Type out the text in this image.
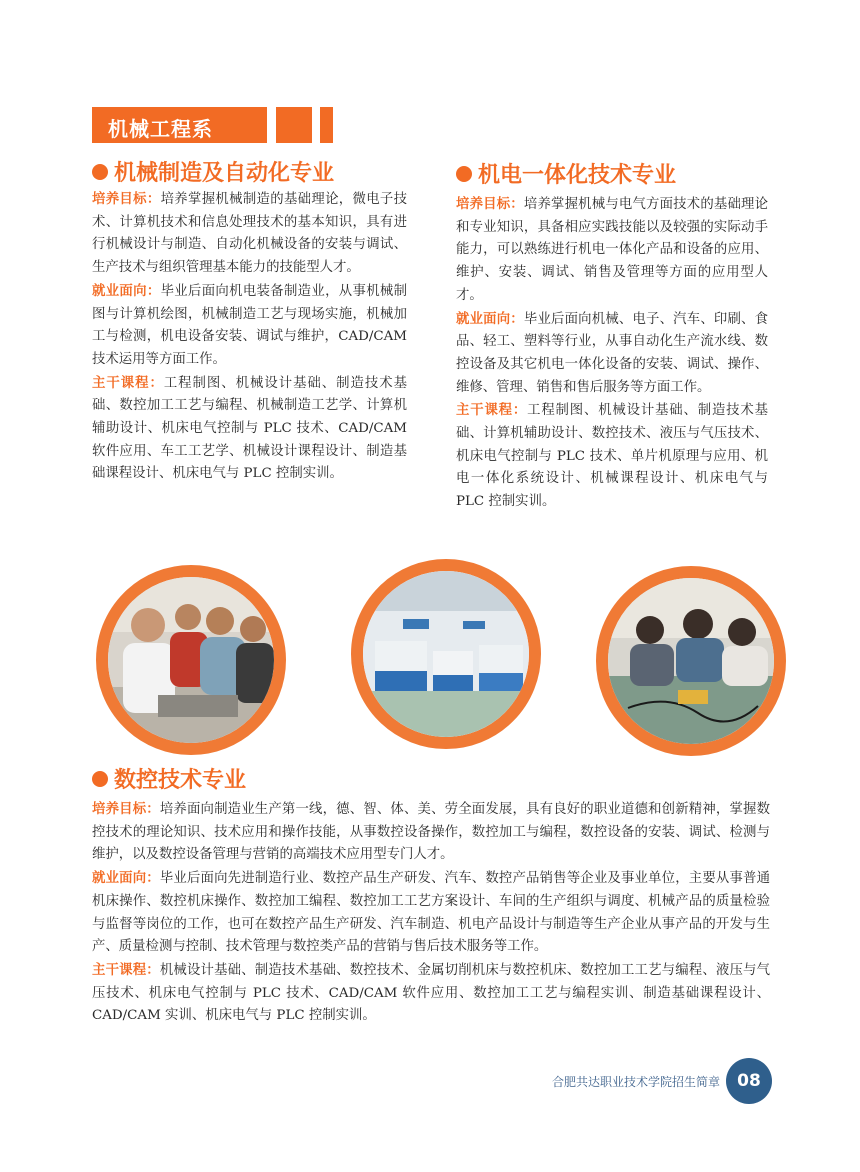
机械工程系
机械制造及自动化专业

培养目标：培养掌握机械制造的基础理论，微电子技术、计算机技术和信息处理技术的基本知识，具有进行机械设计与制造、自动化机械设备的安装与调试、生产技术与组织管理基本能力的技能型人才。

就业面向：毕业后面向机电装备制造业，从事机械制图与计算机绘图，机械制造工艺与现场实施，机械加工与检测，机电设备安装、调试与维护，CAD/CAM 技术运用等方面工作。

主干课程：工程制图、机械设计基础、制造技术基础、数控加工工艺与编程、机械制造工艺学、计算机辅助设计、机床电气控制与 PLC 技术、CAD/CAM 软件应用、车工工艺学、机械设计课程设计、制造基础课程设计、机床电气与 PLC 控制实训。

机电一体化技术专业

培养目标：培养掌握机械与电气方面技术的基础理论和专业知识，具备相应实践技能以及较强的实际动手能力，可以熟练进行机电一体化产品和设备的应用、维护、安装、调试、销售及管理等方面的应用型人才。

就业面向：毕业后面向机械、电子、汽车、印刷、食品、轻工、塑料等行业，从事自动化生产流水线、数控设备及其它机电一体化设备的安装、调试、操作、维修、管理、销售和售后服务等方面工作。

主干课程：工程制图、机械设计基础、制造技术基础、计算机辅助设计、数控技术、液压与气压技术、机床电气控制与 PLC 技术、单片机原理与应用、机电一体化系统设计、机械课程设计、机床电气与 PLC 控制实训。

数控技术专业

培养目标：培养面向制造业生产第一线，德、智、体、美、劳全面发展，具有良好的职业道德和创新精神，掌握数控技术的理论知识、技术应用和操作技能，从事数控设备操作，数控加工与编程，数控设备的安装、调试、检测与维护，以及数控设备管理与营销的高端技术应用型专门人才。

就业面向：毕业后面向先进制造行业、数控产品生产研发、汽车、数控产品销售等企业及事业单位，主要从事普通机床操作、数控机床操作、数控加工编程、数控加工工艺方案设计、车间的生产组织与调度、机械产品的质量检验与监督等岗位的工作，也可在数控产品生产研发、汽车制造、机电产品设计与制造等生产企业从事产品的开发与生产、质量检测与控制、技术管理与数控类产品的营销与售后技术服务等工作。

主干课程：机械设计基础、制造技术基础、数控技术、金属切削机床与数控机床、数控加工工艺与编程、液压与气压技术、机床电气控制与 PLC 技术、CAD/CAM 软件应用、数控加工工艺与编程实训、制造基础课程设计、CAD/CAM 实训、机床电气与 PLC 控制实训。

合肥共达职业技术学院招生简章 08
